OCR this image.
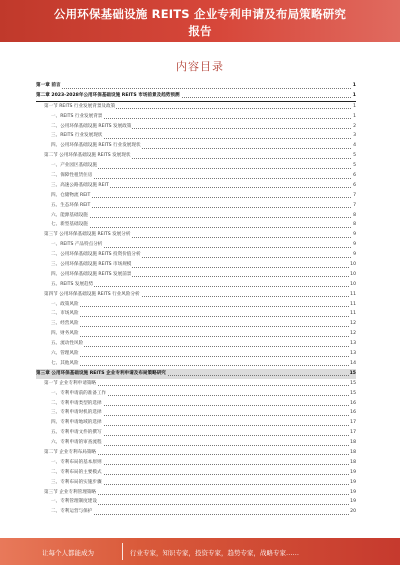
公用环保基础设施 REITS 企业专利申请及布局策略研究
报告
内容目录
第一章 前言	1
第二章 2023-2028年公用环保基础设施 REITS 市场前景及趋势预测	1
第一节 REITS 行业发展背景及政策	1
一、REITS 行业发展背景	1
二、公用环保基础设施 REITS 发展政策	2
三、REITS 行业发展现状	3
四、公用环保基础设施 REITS 行业发展现状	4
第二节 公用环保基础设施 REITS 发展现状	5
一、产业园区基础设施	5
二、保障性租赁住房	6
三、高速公路基础设施 REIT	6
四、仓储物流 REIT	7
五、生态环保 REIT	7
六、能源基础设施	8
七、新型基础设施	8
第三节 公用环保基础设施 REITS 发展分析	9
一、REITS 产品特点分析	9
二、公用环保基础设施 REITS 投资价值分析	9
三、公用环保基础设施 REITS 市场规模	10
四、公用环保基础设施 REITS 发展前景	10
五、REITS 发展趋势	10
第四节 公用环保基础设施 REITS 行业风险分析	11
一、政策风险	11
二、市场风险	11
三、经营风险	12
四、财务风险	12
五、流动性风险	13
六、管理风险	13
七、其他风险	14
第三章 公用环保基础设施 REITS 企业专利申请及布局策略研究	15
第一节 企业专利申请策略	15
一、专利申请前的准备工作	15
二、专利申请类型的选择	16
三、专利申请时机的选择	16
四、专利申请地域的选择	17
五、专利申请文件的撰写	17
六、专利申请的审查流程	18
第二节 企业专利布局策略	18
一、专利布局的基本原则	18
二、专利布局的主要模式	19
三、专利布局的实施步骤	19
第三节 企业专利管理策略	19
一、专利管理制度建设	19
二、专利运营与保护	20
让每个人都能成为	行业专家，知识专家，投资专家，趋势专家，战略专家……
